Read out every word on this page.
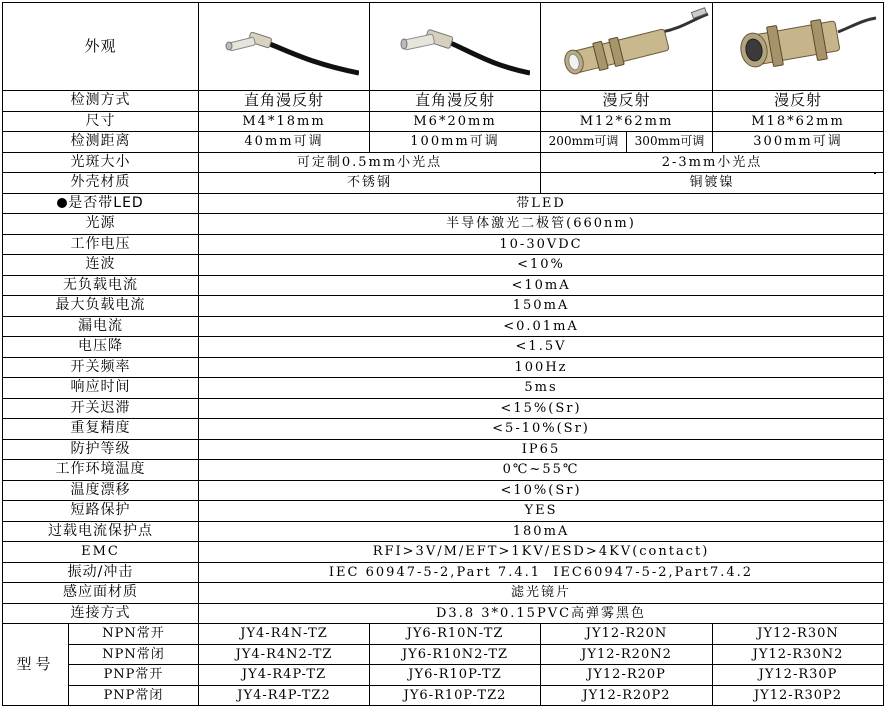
外观	

检测方式		直角漫反射	直角漫反射	漫反射		漫反射	
尺寸		M4*18mm	M6*20mm	M12*62mm		M18*62mm	
检测距离		40mm可调	100mm可调	200mm可调	300mm可调	300mm可调	
光斑大小		可定制0.5mm小光点		2-3mm小光点			
外壳材质		不锈钢		铜镀镍			
是否带LED		带LED					
光源		半导体激光二极管(660nm)					
工作电压		10-30VDC					
连波		<10%					
无负载电流		<10mA					
最大负载电流		150mA					
漏电流		<0.01mA					
电压降		<1.5V					
开关频率		100Hz					
响应时间		5ms					
开关迟滞		<15%(Sr)					
重复精度		<5-10%(Sr)					
防护等级		IP65					
工作环境温度		0℃~55℃					
温度漂移		<10%(Sr)					
短路保护		YES					
过载电流保护点		180mA					
EMC		RFI>3V/M/EFT>1KV/ESD>4KV(contact)					
振动/冲击		IEC 60947-5-2,Part 7.4.1  IEC60947-5-2,Part7.4.2					
感应面材质		滤光镜片					
连接方式		D3.8 3*0.15PVC高弹雾黑色					
型号	NPN常开	JY4-R4N-TZ	JY6-R10N-TZ	JY12-R20N		JY12-R30N	
	NPN常闭	JY4-R4N2-TZ	JY6-R10N2-TZ	JY12-R20N2		JY12-R30N2	
	PNP常开	JY4-R4P-TZ	JY6-R10P-TZ	JY12-R20P		JY12-R30P	
	PNP常闭	JY4-R4P-TZ2	JY6-R10P-TZ2	JY12-R20P2		JY12-R30P2	
